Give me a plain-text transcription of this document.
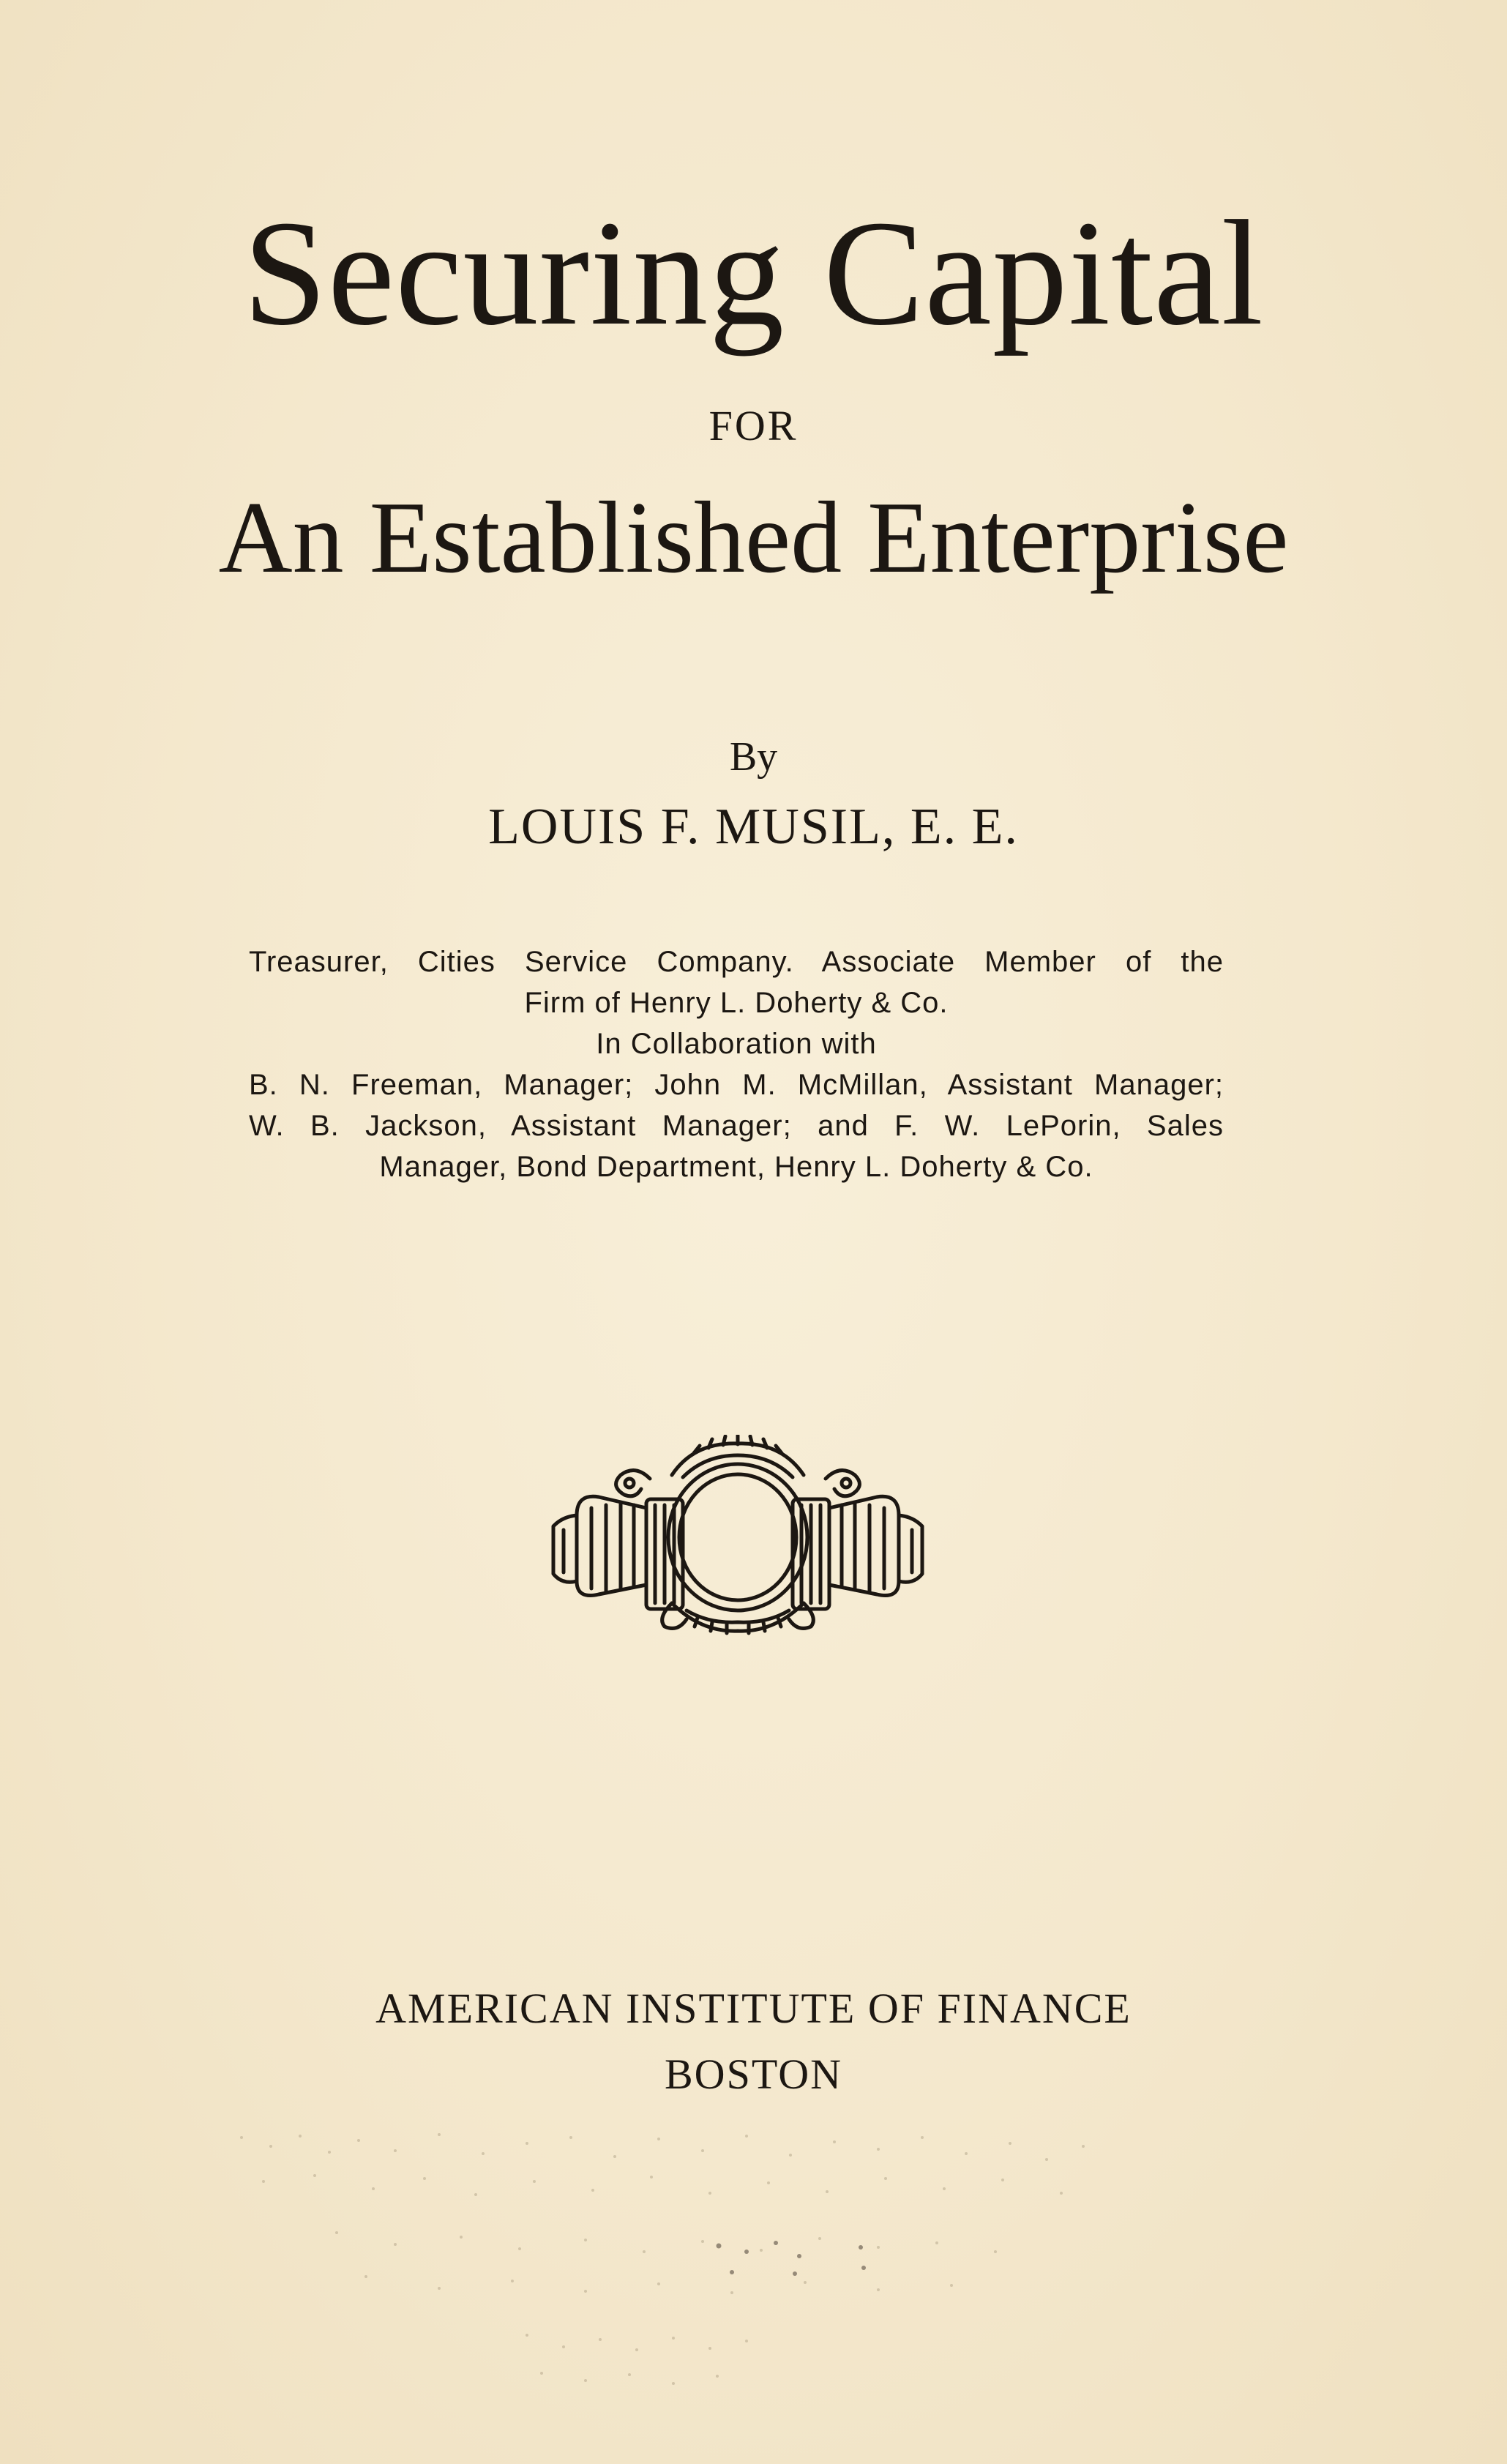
Securing Capital
FOR
An Established Enterprise
By
LOUIS F. MUSIL, E. E.
Treasurer, Cities Service Company. Associate Member of the
Firm of Henry L. Doherty & Co.
In Collaboration with
B. N. Freeman, Manager; John M. McMillan, Assistant Manager;
W. B. Jackson, Assistant Manager; and F. W. LePorin, Sales
Manager, Bond Department, Henry L. Doherty & Co.
AMERICAN INSTITUTE OF FINANCE
BOSTON
